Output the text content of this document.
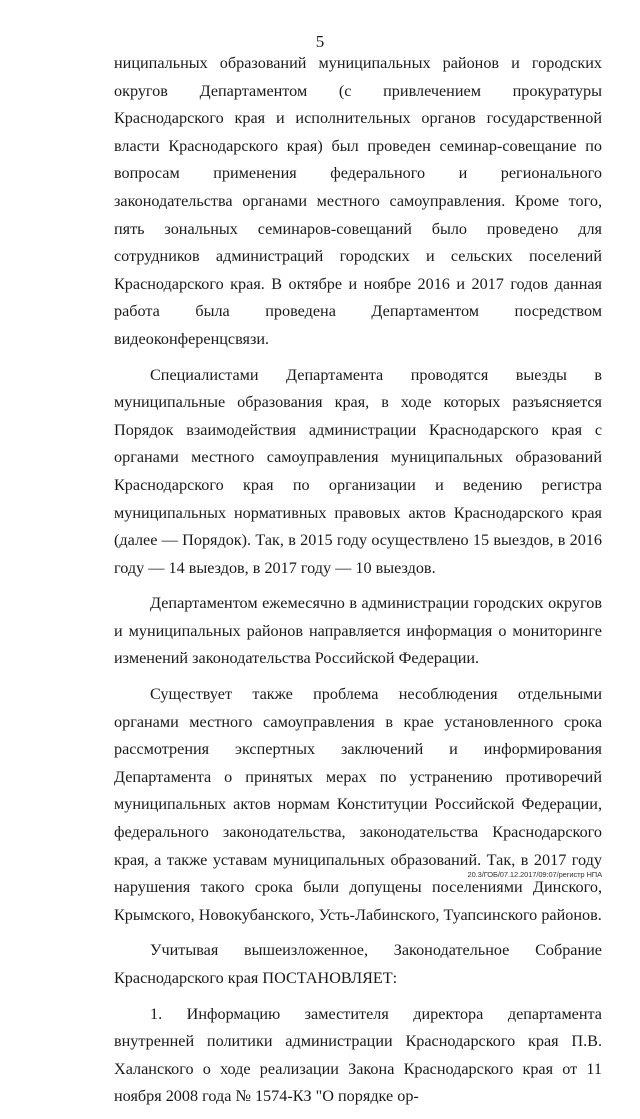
5

ниципальных образований муниципальных районов и городских округов Департаментом (с привлечением прокуратуры Краснодарского края и исполнительных органов государственной власти Краснодарского края) был проведен семинар-совещание по вопросам применения федерального и регионального законодательства органами местного самоуправления. Кроме того, пять зональных семинаров-совещаний было проведено для сотрудников администраций городских и сельских поселений Краснодарского края. В октябре и ноябре 2016 и 2017 годов данная работа была проведена Департаментом посредством видеоконференцсвязи.

Специалистами Департамента проводятся выезды в муниципальные образования края, в ходе которых разъясняется Порядок взаимодействия администрации Краснодарского края с органами местного самоуправления муниципальных образований Краснодарского края по организации и ведению регистра муниципальных нормативных правовых актов Краснодарского края (далее — Порядок). Так, в 2015 году осуществлено 15 выездов, в 2016 году — 14 выездов, в 2017 году — 10 выездов.

Департаментом ежемесячно в администрации городских округов и муниципальных районов направляется информация о мониторинге изменений законодательства Российской Федерации.

Существует также проблема несоблюдения отдельными органами местного самоуправления в крае установленного срока рассмотрения экспертных заключений и информирования Департамента о принятых мерах по устранению противоречий муниципальных актов нормам Конституции Российской Федерации, федерального законодательства, законодательства Краснодарского края, а также уставам муниципальных образований. Так, в 2017 году нарушения такого срока были допущены поселениями Динского, Крымского, Новокубанского, Усть-Лабинского, Туапсинского районов.

Учитывая вышеизложенное, Законодательное Собрание Краснодарского края ПОСТАНОВЛЯЕТ:

1. Информацию заместителя директора департамента внутренней политики администрации Краснодарского края П.В. Халанского о ходе реализации Закона Краснодарского края от 11 ноября 2008 года № 1574-КЗ "О порядке ор-

20.3/ГОБ/07.12.2017/09:07/регистр НПА
